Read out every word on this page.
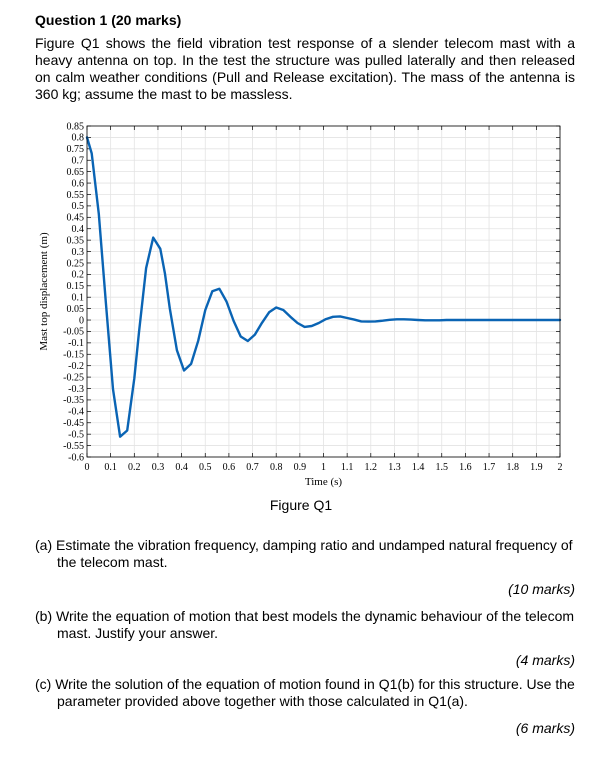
Question 1 (20 marks)

Figure Q1 shows the field vibration test response of a slender telecom mast with a heavy antenna on top. In the test the structure was pulled laterally and then released on calm weather conditions (Pull and Release excitation). The mass of the antenna is 360 kg; assume the mast to be massless.

0 0.1 0.2 0.3 0.4 0.5 0.6 0.7 0.8 0.9 1 1.1 1.2 1.3 1.4 1.5 1.6 1.7 1.8 1.9 2
0.85
0.8
0.75
0.7
0.65
0.6
0.55
0.5
0.45
0.4
0.35
0.3
0.25
0.2
0.15
0.1
0.05
0
-0.05
-0.1
-0.15
-0.2
-0.25
-0.3
-0.35
-0.4
-0.45
-0.5
-0.55
-0.6
Time (s)
Mast top displacement (m)
Figure Q1

(a) Estimate the vibration frequency, damping ratio and undamped natural frequency of the telecom mast.

(10 marks)

(b) Write the equation of motion that best models the dynamic behaviour of the telecom mast. Justify your answer.

(4 marks)

(c) Write the solution of the equation of motion found in Q1(b) for this structure. Use the parameter provided above together with those calculated in Q1(a).

(6 marks)
